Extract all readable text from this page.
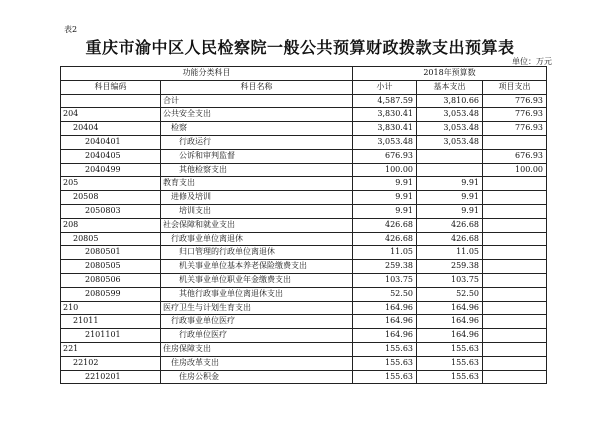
表2
重庆市渝中区人民检察院一般公共预算财政拨款支出预算表
单位：万元
功能分类科目		2018年预算数		
科目编码	科目名称	小计	基本支出	项目支出
	合计	4,587.59	3,810.66	776.93
204	公共安全支出	3,830.41	3,053.48	776.93
20404	检察	3,830.41	3,053.48	776.93
2040401	行政运行	3,053.48	3,053.48	
2040405	公诉和审判监督	676.93		676.93
2040499	其他检察支出	100.00		100.00
205	教育支出	9.91	9.91	
20508	进修及培训	9.91	9.91	
2050803	培训支出	9.91	9.91	
208	社会保障和就业支出	426.68	426.68	
20805	行政事业单位离退休	426.68	426.68	
2080501	归口管理的行政单位离退休	11.05	11.05	
2080505	机关事业单位基本养老保险缴费支出	259.38	259.38	
2080506	机关事业单位职业年金缴费支出	103.75	103.75	
2080599	其他行政事业单位离退休支出	52.50	52.50	
210	医疗卫生与计划生育支出	164.96	164.96	
21011	行政事业单位医疗	164.96	164.96	
2101101	行政单位医疗	164.96	164.96	
221	住房保障支出	155.63	155.63	
22102	住房改革支出	155.63	155.63	
2210201	住房公积金	155.63	155.63	
